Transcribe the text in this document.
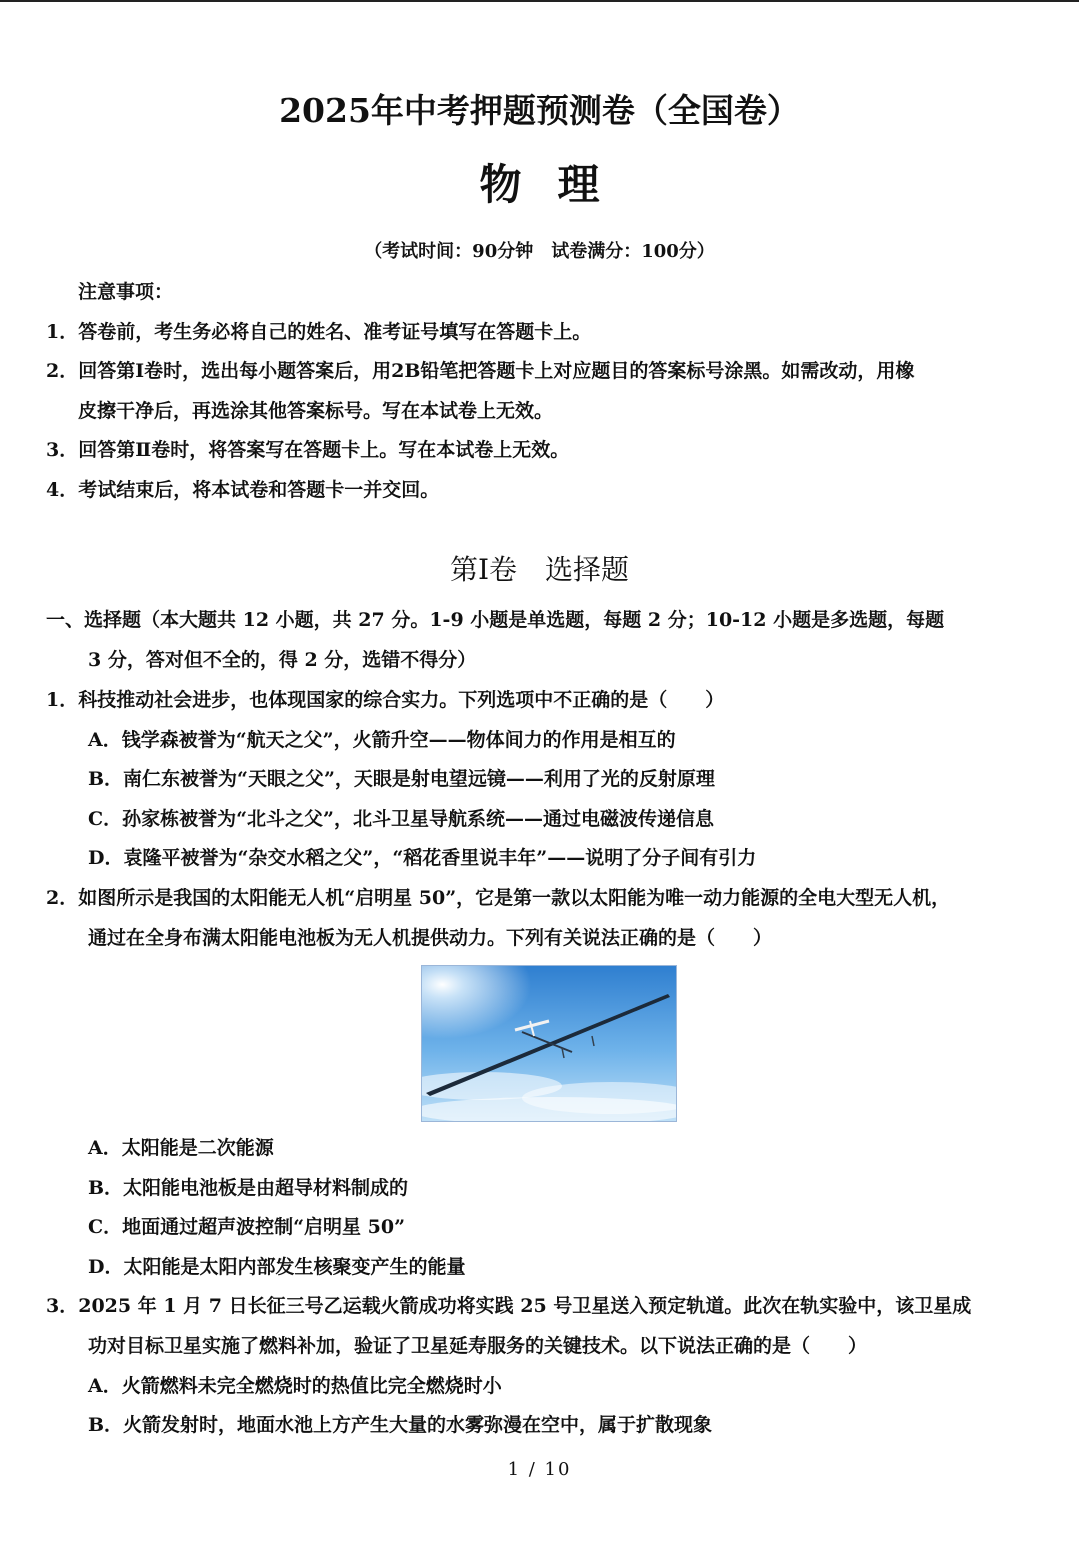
2025年中考押题预测卷（全国卷）
物理
（考试时间：90分钟　试卷满分：100分）
注意事项：
1．答卷前，考生务必将自己的姓名、准考证号填写在答题卡上。
2．回答第Ⅰ卷时，选出每小题答案后，用2B铅笔把答题卡上对应题目的答案标号涂黑。如需改动，用橡
皮擦干净后，再选涂其他答案标号。写在本试卷上无效。
3．回答第Ⅱ卷时，将答案写在答题卡上。写在本试卷上无效。
4．考试结束后，将本试卷和答题卡一并交回。
第Ⅰ卷　选择题
一、选择题（本大题共 12 小题，共 27 分。1-9 小题是单选题，每题 2 分；10-12 小题是多选题，每题
3 分，答对但不全的，得 2 分，选错不得分）
1．科技推动社会进步，也体现国家的综合实力。下列选项中不正确的是（　　）
A．钱学森被誉为“航天之父”，火箭升空——物体间力的作用是相互的
B．南仁东被誉为“天眼之父”，天眼是射电望远镜——利用了光的反射原理
C．孙家栋被誉为“北斗之父”，北斗卫星导航系统——通过电磁波传递信息
D．袁隆平被誉为“杂交水稻之父”，“稻花香里说丰年”——说明了分子间有引力
2．如图所示是我国的太阳能无人机“启明星 50”，它是第一款以太阳能为唯一动力能源的全电大型无人机，
通过在全身布满太阳能电池板为无人机提供动力。下列有关说法正确的是（　　）
A．太阳能是二次能源
B．太阳能电池板是由超导材料制成的
C．地面通过超声波控制“启明星 50”
D．太阳能是太阳内部发生核聚变产生的能量
3．2025 年 1 月 7 日长征三号乙运载火箭成功将实践 25 号卫星送入预定轨道。此次在轨实验中，该卫星成
功对目标卫星实施了燃料补加，验证了卫星延寿服务的关键技术。以下说法正确的是（　　）
A．火箭燃料未完全燃烧时的热值比完全燃烧时小
B．火箭发射时，地面水池上方产生大量的水雾弥漫在空中，属于扩散现象
1 / 10
